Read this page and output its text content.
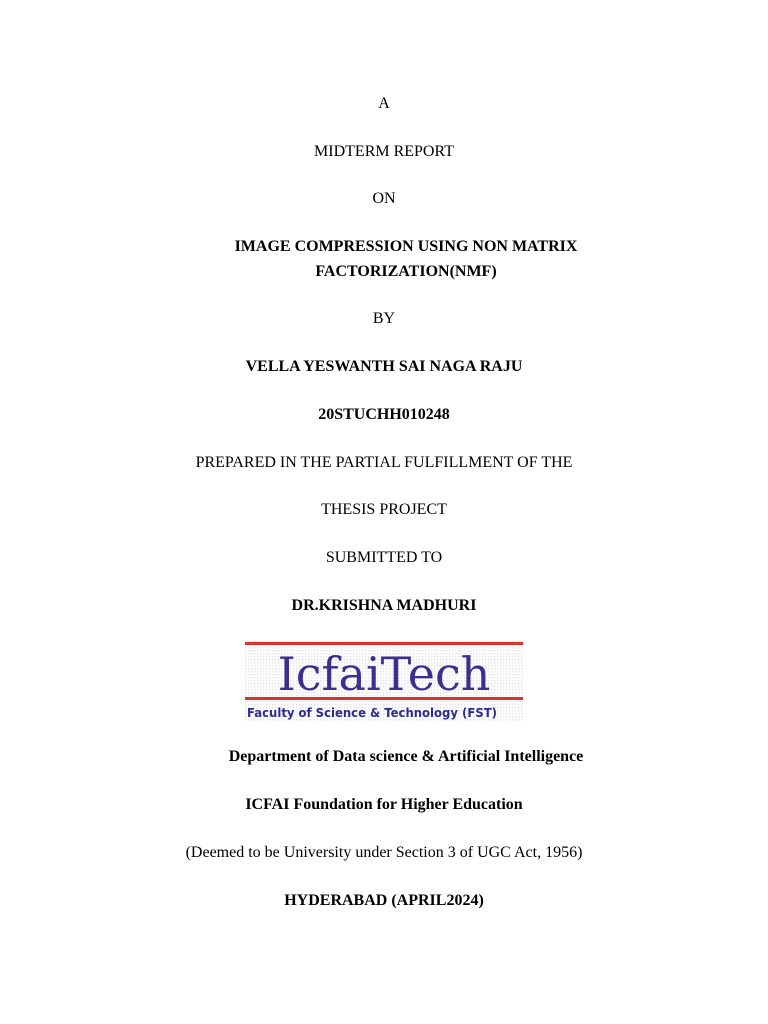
A
MIDTERM REPORT
ON
IMAGE COMPRESSION USING NON MATRIX
FACTORIZATION(NMF)
BY
VELLA YESWANTH SAI NAGA RAJU
20STUCHH010248
PREPARED IN THE PARTIAL FULFILLMENT OF THE
THESIS PROJECT
SUBMITTED TO
DR.KRISHNA MADHURI
IcfaiTech
Faculty of Science & Technology (FST)
Department of Data science & Artificial Intelligence
ICFAI Foundation for Higher Education
(Deemed to be University under Section 3 of UGC Act, 1956)
HYDERABAD (APRIL2024)
